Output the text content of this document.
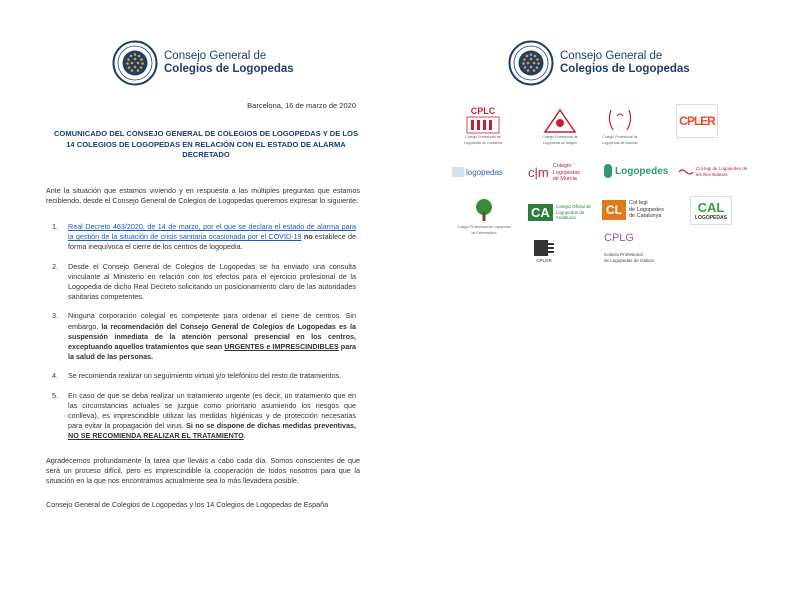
Consejo General de
Colegios de Logopedas
Barcelona, 16 de marzo de 2020
COMUNICADO DEL CONSEJO GENERAL DE COLEGIOS DE LOGOPEDAS Y DE LOS 14 COLEGIOS DE LOGOPEDAS EN RELACIÓN CON EL ESTADO DE ALARMA DECRETADO

Ante la situación que estamos viviendo y en respuesta a las múltiples preguntas que estamos recibiendo, desde el Consejo General de Colegios de Logopedas queremos expresar lo siguiente:

1.	Real Decreto 463/2020, de 14 de marzo, por el que se declara el estado de alarma para la gestión de la situación de crisis sanitaria ocasionada por el COVID-19 no establece de forma inequívoca el cierre de los centros de logopedia.
2.	Desde el Consejo General de Colegios de Logopedas se ha enviado una consulta vinculante al Ministerio en relación con los efectos para el ejercicio profesional de la Logopedia de dicho Real Decreto solicitando un posicionamiento claro de las autoridades sanitarias competentes.
3.	Ninguna corporación colegial es competente para ordenar el cierre de centros. Sin embargo, la recomendación del Consejo General de Colegios de Logopedas es la suspensión inmediata de la atención personal presencial en los centros, exceptuando aquellos tratamientos que sean URGENTES e IMPRESCINDIBLES para la salud de las personas.
4.	Se recomienda realizar un seguimiento virtual y/o telefónico del resto de tratamientos.
5.	En caso de que se deba realizar un tratamiento urgente (es decir, un tratamiento que en las circunstancias actuales se juzgue como prioritario asumiendo los riesgos que conlleva), es imprescindible utilizar las medidas higiénicas y de protección necesarias para evitar la propagación del virus. Si no se dispone de dichas medidas preventivas, NO SE RECOMIENDA REALIZAR EL TRATAMIENTO.

Agradecemos profundamente la tarea que lleváis a cabo cada día. Somos conscientes de que será un proceso difícil, pero es imprescindible la cooperación de todos nosotros para que la situación en la que nos encontramos actualmente sea lo más llevadera posible.

Consejo General de Colegios de Logopedas y los 14 Colegios de Logopedas de España

Consejo General de
Colegios de Logopedas
CPLC
Colegio Profesional de Logopedas de Cantabria
Colegio Profesional de Logopedas de Aragón
Colegio Profesional de Logopedas de Asturias
CPLER
logopedas c|m Colegio
Logopedas
de Murcia
Logopedes	Col·legi de Logopedes de les Illes Balears
Colegio Profesional de Logopedas de Extremadura
CA	Colegio Oficial de
Logopedas de
Andalucía
CL	Col·legi
de Logopedes
de Catalunya
CAL
LOGOPEDAS
CPLGR
CPLG
Colexio Profesional
de Logopedas de Galicia
